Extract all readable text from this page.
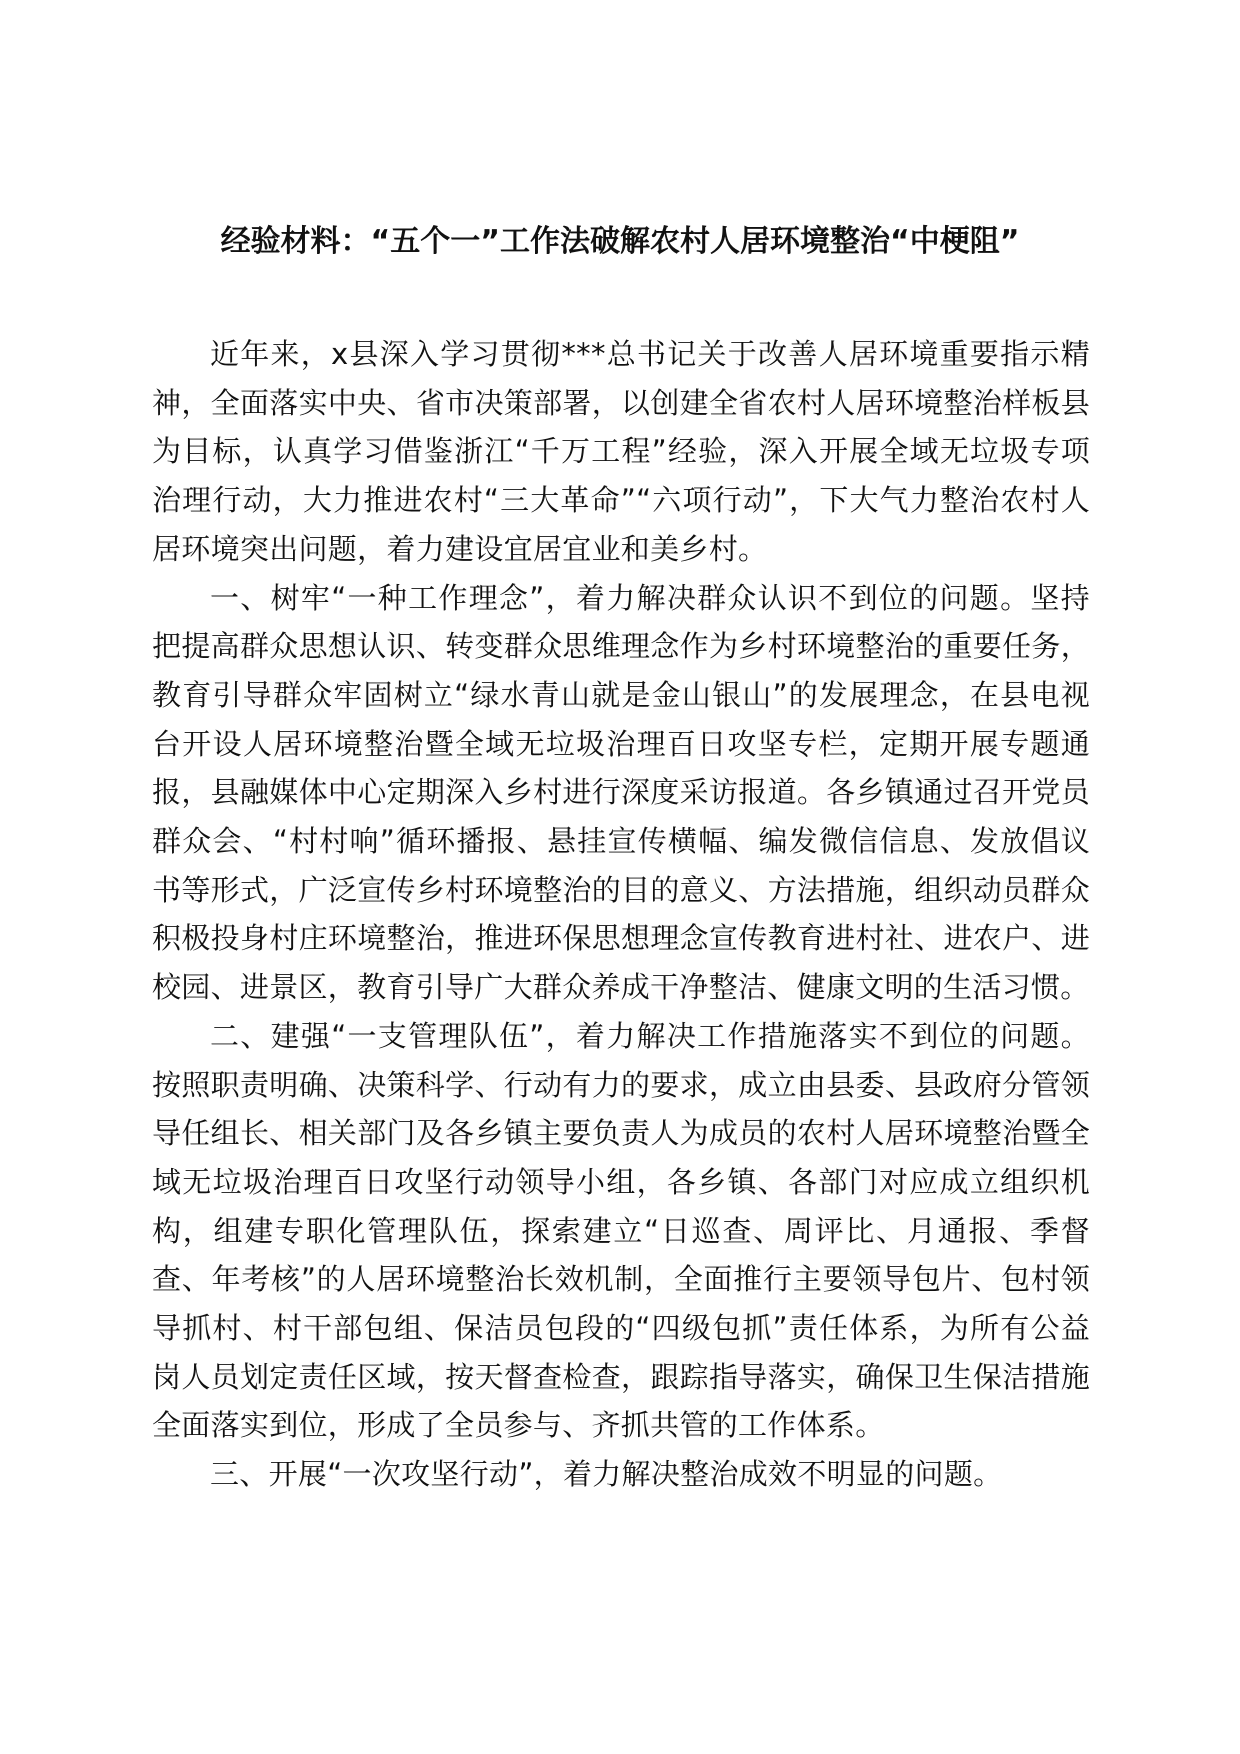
经验材料：“五个一”工作法破解农村人居环境整治“中梗阻”

近年来，x县深入学习贯彻***总书记关于改善人居环境重要指示精神，全面落实中央、省市决策部署，以创建全省农村人居环境整治样板县为目标，认真学习借鉴浙江“千万工程”经验，深入开展全域无垃圾专项治理行动，大力推进农村“三大革命”“六项行动”，下大气力整治农村人居环境突出问题，着力建设宜居宜业和美乡村。

一、树牢“一种工作理念”，着力解决群众认识不到位的问题。坚持把提高群众思想认识、转变群众思维理念作为乡村环境整治的重要任务，教育引导群众牢固树立“绿水青山就是金山银山”的发展理念，在县电视台开设人居环境整治暨全域无垃圾治理百日攻坚专栏，定期开展专题通报，县融媒体中心定期深入乡村进行深度采访报道。各乡镇通过召开党员群众会、“村村响”循环播报、悬挂宣传横幅、编发微信信息、发放倡议书等形式，广泛宣传乡村环境整治的目的意义、方法措施，组织动员群众积极投身村庄环境整治，推进环保思想理念宣传教育进村社、进农户、进校园、进景区，教育引导广大群众养成干净整洁、健康文明的生活习惯。

二、建强“一支管理队伍”，着力解决工作措施落实不到位的问题。按照职责明确、决策科学、行动有力的要求，成立由县委、县政府分管领导任组长、相关部门及各乡镇主要负责人为成员的农村人居环境整治暨全域无垃圾治理百日攻坚行动领导小组，各乡镇、各部门对应成立组织机构，组建专职化管理队伍，探索建立“日巡查、周评比、月通报、季督查、年考核”的人居环境整治长效机制，全面推行主要领导包片、包村领导抓村、村干部包组、保洁员包段的“四级包抓”责任体系，为所有公益岗人员划定责任区域，按天督查检查，跟踪指导落实，确保卫生保洁措施全面落实到位，形成了全员参与、齐抓共管的工作体系。

三、开展“一次攻坚行动”，着力解决整治成效不明显的问题。
